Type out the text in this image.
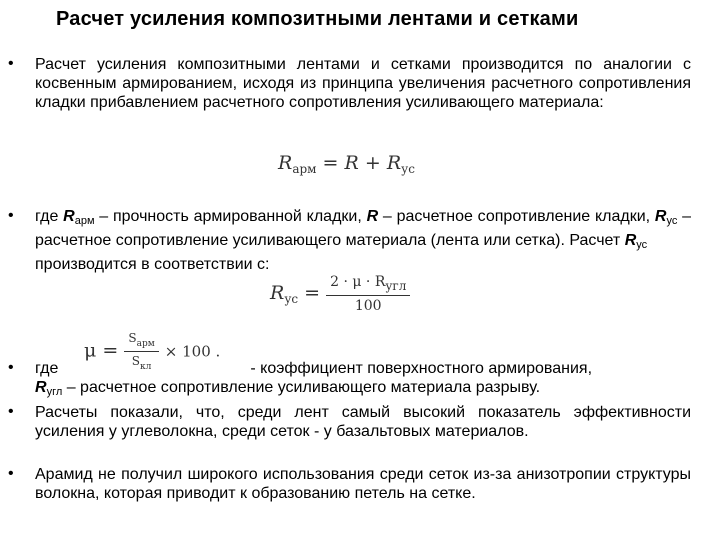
Расчет усиления композитными лентами и сетками
• Расчет усиления композитными лентами и сетками производится по аналогии с косвенным армированием, исходя из принципа увеличения расчетного сопротивления кладки прибавлением расчетного сопротивления усиливающего материала:
$R_{арм} = R + R_{ус}$
• где $R_{арм}$ – прочность армированной кладки, R – расчетное сопротивление кладки, $R_{ус}$ – расчетное сопротивление усиливающего материала (лента или сетка). Расчет $R_{ус}$
производится в соответствии с:
$R_{ус} = \frac{2 \cdot \mu \cdot R_{угл}}{100}$
$\mu = \frac{S_{арм}}{S_{кл}} \times 100$ .
• где	- коэффициент поверхностного армирования,
$R_{угл}$ – расчетное сопротивление усиливающего материала разрыву.
• Расчеты показали, что, среди лент самый высокий показатель эффективности усиления у углеволокна, среди сеток - у базальтовых материалов.
• Арамид не получил широкого использования среди сеток из-за анизотропии структуры волокна, которая приводит к образованию петель на сетке.
